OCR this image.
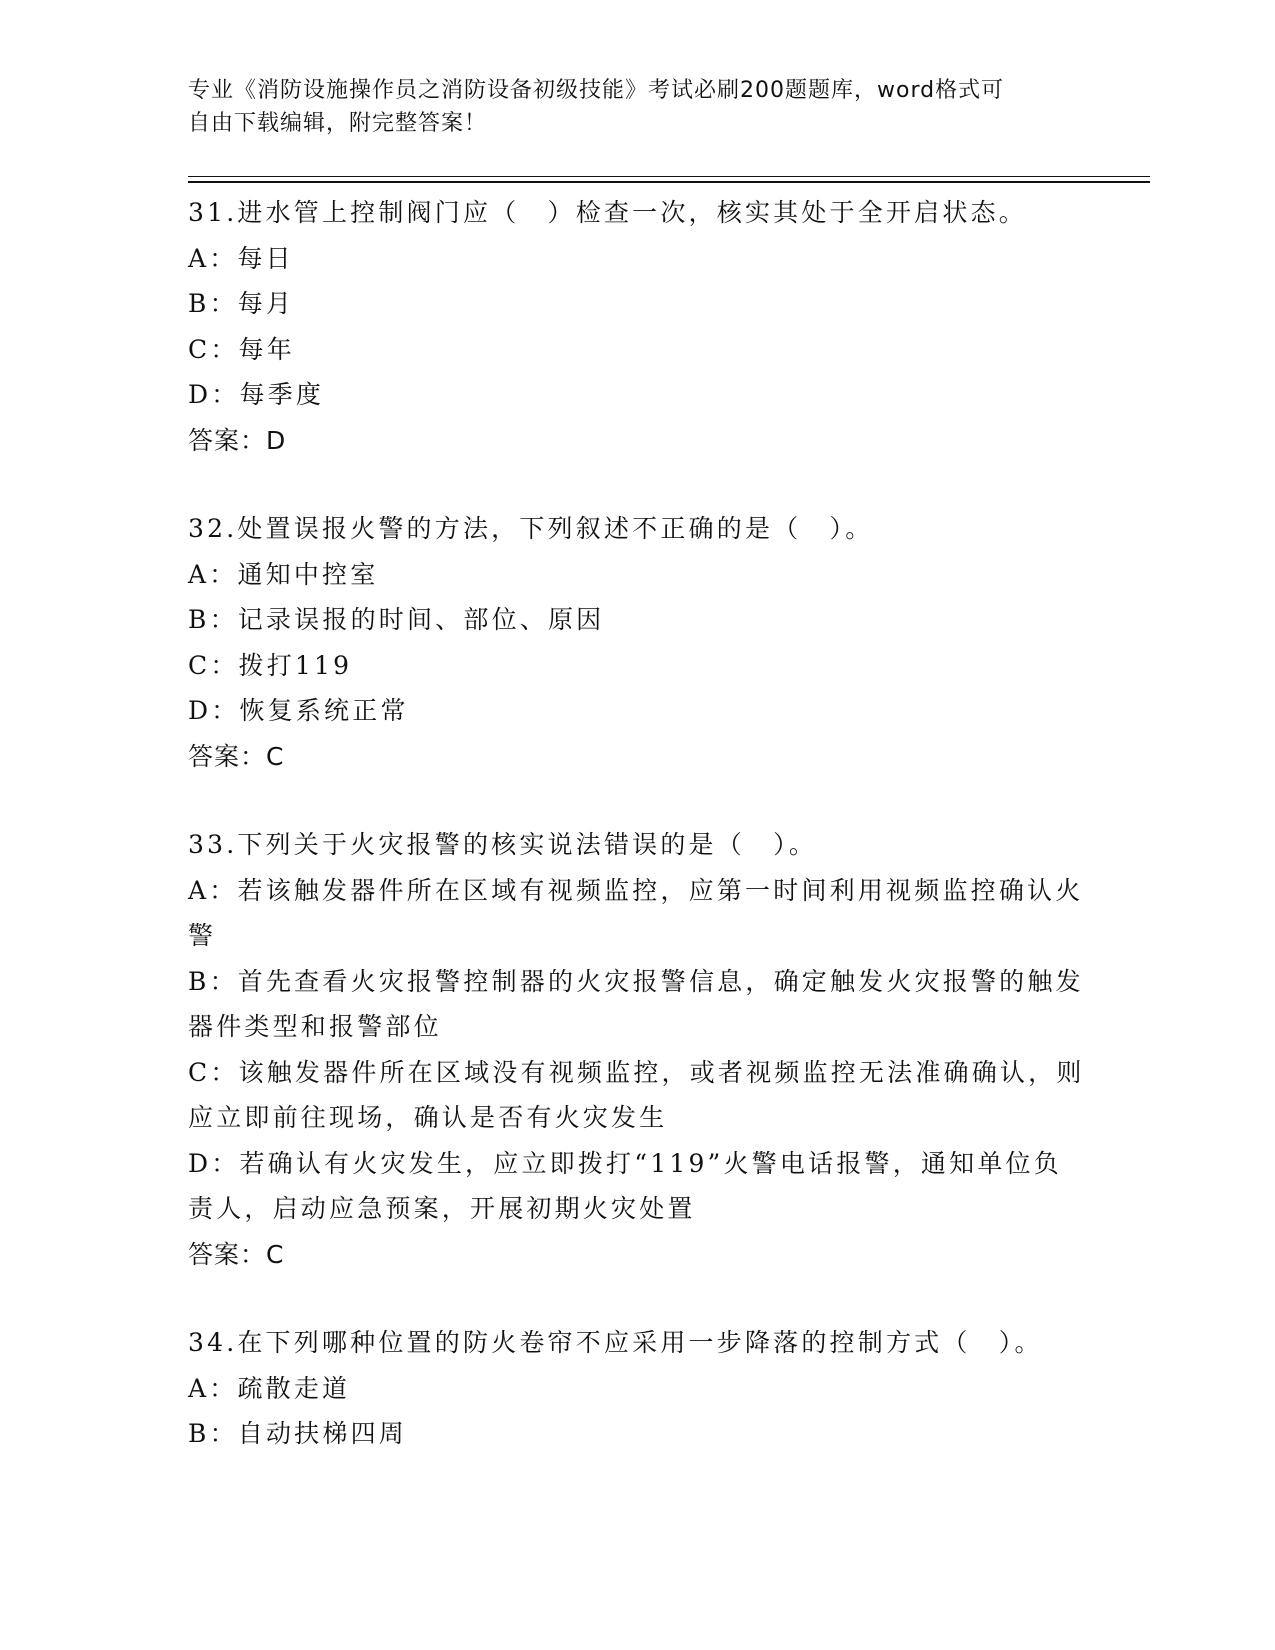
专业《消防设施操作员之消防设备初级技能》考试必刷200题题库，word格式可
自由下载编辑，附完整答案！
31.进水管上控制阀门应（　）检查一次，核实其处于全开启状态。
A：每日
B：每月
C：每年
D：每季度
答案：D
32.处置误报火警的方法，下列叙述不正确的是（　）。
A：通知中控室
B：记录误报的时间、部位、原因
C：拨打119
D：恢复系统正常
答案：C
33.下列关于火灾报警的核实说法错误的是（　）。
A：若该触发器件所在区域有视频监控，应第一时间利用视频监控确认火警
B：首先查看火灾报警控制器的火灾报警信息，确定触发火灾报警的触发器件类型和报警部位
C：该触发器件所在区域没有视频监控，或者视频监控无法准确确认，则应立即前往现场，确认是否有火灾发生
D：若确认有火灾发生，应立即拨打“119”火警电话报警，通知单位负责人，启动应急预案，开展初期火灾处置
答案：C
34.在下列哪种位置的防火卷帘不应采用一步降落的控制方式（　）。
A：疏散走道
B：自动扶梯四周
